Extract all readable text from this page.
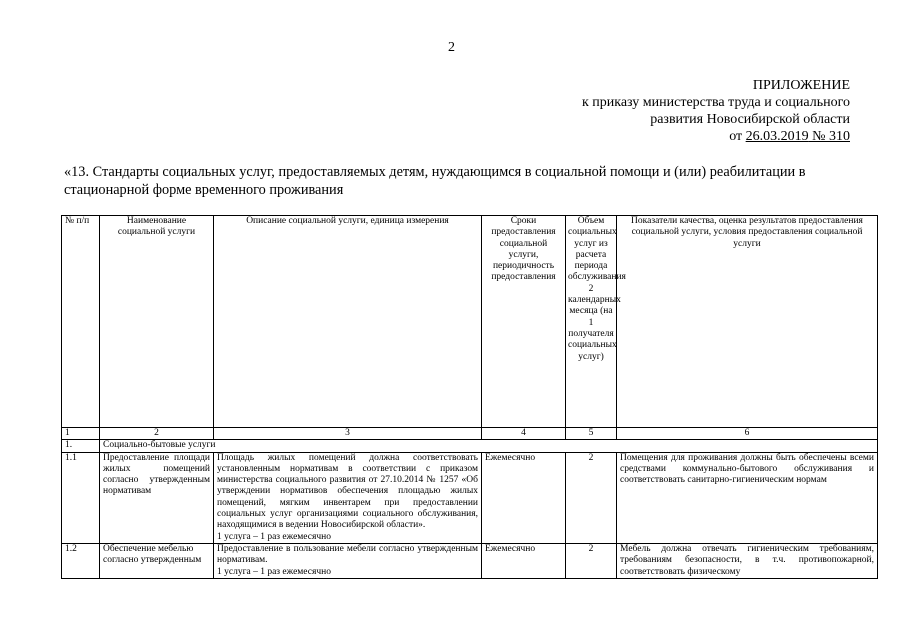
2
ПРИЛОЖЕНИЕ
к приказу министерства труда и социального
развития Новосибирской области
от 26.03.2019 № 310
«13. Стандарты социальных услуг, предоставляемых детям, нуждающимся в социальной помощи и (или) реабилитации в стационарной форме временного проживания
№ п/п	Наименование социальной услуги	Описание социальной услуги, единица измерения	Сроки предоставления социальной услуги, периодичность предоставления	Объем социальных услуг из расчета периода обслуживания 2 календарных месяца (на 1 получателя социальных услуг)	Показатели качества, оценка результатов предоставления социальной услуги, условия предоставления социальной услуги
1	2	3	4	5	6
1.	Социально-бытовые услуги				
1.1	Предоставление площади жилых помещений согласно утвержденным нормативам	Площадь жилых помещений должна соответствовать установленным нормативам в соответствии с приказом министерства социального развития от 27.10.2014 № 1257 «Об утверждении нормативов обеспечения площадью жилых помещений, мягким инвентарем при предоставлении социальных услуг организациями социального обслуживания, находящимися в ведении Новосибирской области».
1 услуга – 1 раз ежемесячно	Ежемесячно	2	Помещения для проживания должны быть обеспечены всеми средствами коммунально-бытового обслуживания и соответствовать санитарно-гигиеническим нормам
1.2	Обеспечение мебелью согласно утвержденным	Предоставление в пользование мебели согласно утвержденным нормативам.
1 услуга – 1 раз ежемесячно	Ежемесячно	2	Мебель должна отвечать гигиеническим требованиям, требованиям безопасности, в т.ч. противопожарной, соответствовать физическому
